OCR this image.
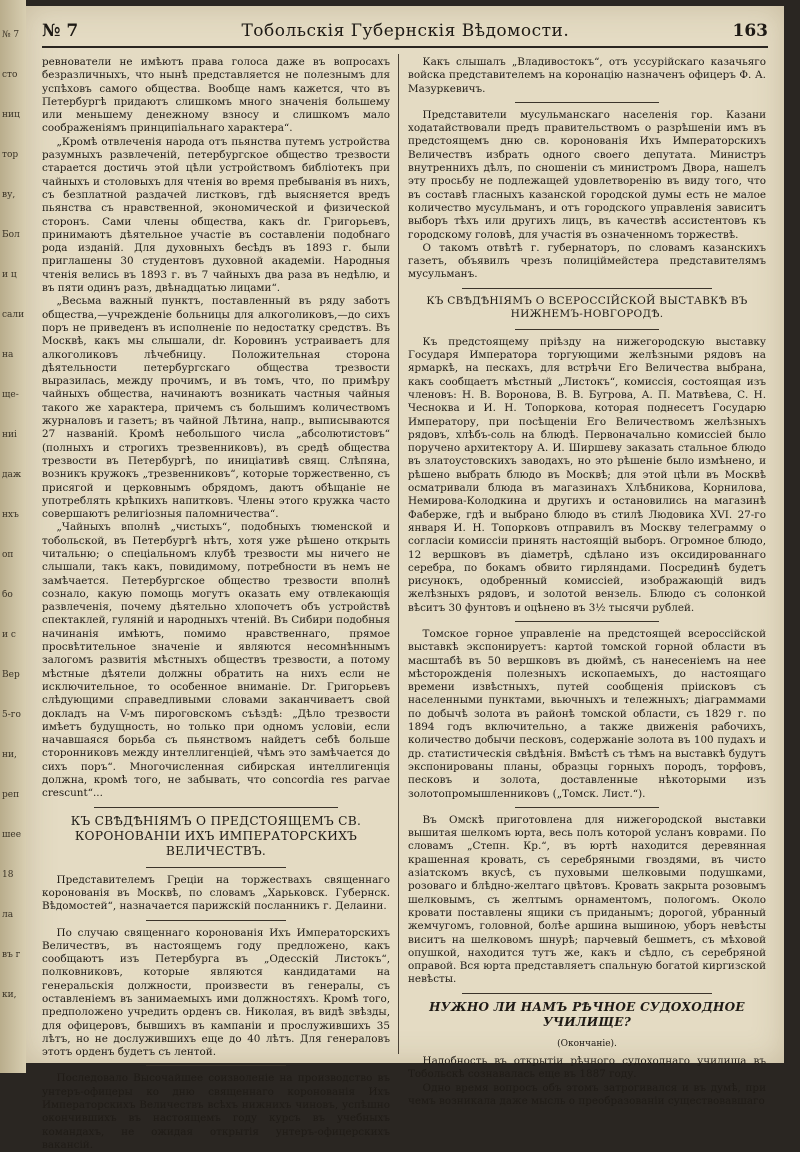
№ 7
сто
ниц
тор
ву,
Бол
и ц
сали
на
ще-
ниі
даж
нхъ
оп
бо
и с
Вер
5-го
ни,
реп
шее
18
ла
въ г
ки,
№ 7	Тобольскія Губернскія Вѣдомости.	163

ревнователи не имѣютъ права голоса даже въ вопросахъ безразличныхъ, что нынѣ представляется не полезнымъ для успѣховъ самого общества. Вообще намъ кажется, что въ Петербургѣ придаютъ слишкомъ много значенія большему или меньшему денежному взносу и слишкомъ мало соображеніямъ принципіальнаго характера“.

„Кромѣ отвлеченія народа отъ пьянства путемъ устройства разумныхъ развлеченій, петербургское общество трезвости старается достичь этой цѣли устройствомъ библіотекъ при чайныхъ и столовыхъ для чтенія во время пребыванія въ нихъ, съ безплатной раздачей листковъ, гдѣ выясняется вредъ пьянства съ нравственной, экономической и физической сторонъ. Сами члены общества, какъ dr. Григорьевъ, принимаютъ дѣятельное участіе въ составленіи подобнаго рода изданій. Для духовныхъ бесѣдъ въ 1893 г. были приглашены 30 студентовъ духовной академіи. Народныя чтенія велись въ 1893 г. въ 7 чайныхъ два раза въ недѣлю, и въ пяти одинъ разъ, двѣнадцатью лицами“.

„Весьма важный пунктъ, поставленный въ ряду заботъ общества,—учрежденіе больницы для алкоголиковъ,—до сихъ поръ не приведенъ въ исполненіе по недостатку средствъ. Въ Москвѣ, какъ мы слышали, dr. Коровинъ устраиваетъ для алкоголиковъ лѣчебницу. Положительная сторона дѣятельности петербургскаго общества трезвости выразилась, между прочимъ, и въ томъ, что, по примѣру чайныхъ общества, начинаютъ возникать частныя чайныя такого же характера, причемъ съ большимъ количествомъ журналовъ и газетъ; въ чайной Лѣтина, напр., выписываются 27 названій. Кромѣ небольшого числа „абсолютистовъ“ (полныхъ и строгихъ трезвенниковъ), въ средѣ общества трезвости въ Петербургѣ, по иниціативѣ свящ. Слѣпяна, возникъ кружокъ „трезвенниковъ“, которые торжественно, съ присягой и церковнымъ обрядомъ, даютъ обѣщаніе не употреблять крѣпкихъ напитковъ. Члены этого кружка часто совершаютъ религіозныя паломничества“.

„Чайныхъ вполнѣ „чистыхъ“, подобныхъ тюменской и тобольской, въ Петербургѣ нѣтъ, хотя уже рѣшено открыть читальню; о спеціальномъ клубѣ трезвости мы ничего не слышали, такъ какъ, повидимому, потребности въ немъ не замѣчается. Петербургское общество трезвости вполнѣ сознало, какую помощь могутъ оказать ему отвлекающія развлеченія, почему дѣятельно хлопочетъ объ устройствѣ спектаклей, гуляній и народныхъ чтеній. Въ Сибири подобныя начинанія имѣютъ, помимо нравственнаго, прямое просвѣтительное значеніе и являются несомнѣннымъ залогомъ развитія мѣстныхъ обществъ трезвости, а потому мѣстные дѣятели должны обратить на нихъ если не исключительное, то особенное вниманіе. Dr. Григорьевъ слѣдующими справедливыми словами заканчиваетъ свой докладъ на V-мъ пироговскомъ съѣздѣ: „Дѣло трезвости имѣетъ будущность, но только при одномъ условіи, если начавшаяся борьба съ пьянствомъ найдетъ себѣ больше сторонниковъ между интеллигенціей, чѣмъ это замѣчается до сихъ поръ“. Многочисленная сибирская интеллигенція должна, кромѣ того, не забывать, что concordia res parvae crescunt“...

КЪ СВѢДѢНІЯМЪ О ПРЕДСТОЯЩЕМЪ СВ. КОРОНОВАНІИ ИХЪ ИМПЕРАТОРСКИХЪ ВЕЛИЧЕСТВЪ.

Представителемъ Греціи на торжествахъ священнаго коронованія въ Москвѣ, по словамъ „Харьковск. Губернск. Вѣдомостей“, назначается парижскій посланникъ г. Делаини.

По случаю священнаго коронованія Ихъ Императорскихъ Величествъ, въ настоящемъ году предложено, какъ сообщаютъ изъ Петербурга въ „Одесскій Листокъ“, полковниковъ, которые являются кандидатами на генеральскія должности, произвести въ генералы, съ оставленіемъ въ занимаемыхъ ими должностяхъ. Кромѣ того, предположено учредить орденъ св. Николая, въ видѣ звѣзды, для офицеровъ, бывшихъ въ кампаніи и прослужившихъ 35 лѣтъ, но не дослужившихъ еще до 40 лѣтъ. Для генераловъ этотъ орденъ будетъ съ лентой.

Последовало Высочайшее соизволеніе на производство въ унтеръ-офицеры ко дню священнаго коронованія Ихъ Императорскихъ Величествъ всѣхъ нижнихъ чиновъ, успѣшно окончившихъ въ настоящемъ году курсъ въ учебныхъ командахъ, не ожидая открытія унтеръ-офицерскихъ вакансій.

Какъ слышалъ „Владивостокъ“, отъ уссурійскаго казачьяго войска представителемъ на коронацію назначенъ офицеръ Ф. А. Мазуркевичъ.

Представители мусульманскаго населенія гор. Казани ходатайствовали предъ правительствомъ о разрѣшеніи имъ въ предстоящемъ дню св. коронованія Ихъ Императорскихъ Величествъ избрать одного своего депутата. Министръ внутреннихъ дѣлъ, по сношеніи съ министромъ Двора, нашелъ эту просьбу не подлежащей удовлетворенію въ виду того, что въ составѣ гласныхъ казанской городской думы есть не малое количество мусульманъ, и отъ городского управленія зависитъ выборъ тѣхъ или другихъ лицъ, въ качествѣ ассистентовъ къ городскому головѣ, для участія въ означенномъ торжествѣ.

О такомъ отвѣтѣ г. губернаторъ, по словамъ казанскихъ газетъ, объявилъ чрезъ полиціймейстера представителямъ мусульманъ.

КЪ СВѢДѢНІЯМЪ О ВСЕРОССІЙСКОЙ ВЫСТАВКѢ ВЪ НИЖНЕМЪ-НОВГОРОДѢ.

Къ предстоящему пріѣзду на нижегородскую выставку Государя Императора торгующими желѣзными рядовъ на ярмаркѣ, на пескахъ, для встрѣчи Его Величества выбрана, какъ сообщаетъ мѣстный „Листокъ“, комиссія, состоящая изъ членовъ: Н. В. Воронова, В. В. Бугрова, А. П. Матвѣева, С. Н. Чесноква и И. Н. Топоркова, которая поднесетъ Государю Императору, при посѣщеніи Его Величествомъ желѣзныхъ рядовъ, хлѣбъ-соль на блюдѣ. Первоначально комиссіей было поручено архитектору А. И. Ширшеву заказать стальное блюдо въ златоустовскихъ заводахъ, но это рѣшеніе было измѣнено, и рѣшено выбрать блюдо въ Москвѣ; для этой цѣли въ Москвѣ осматривали блюда въ магазинахъ Хлѣбникова, Корнилова, Немирова-Колодкина и другихъ и остановились на магазинѣ Фаберже, гдѣ и выбрано блюдо въ стилѣ Людовика XVI. 27-го января И. Н. Топорковъ отправилъ въ Москву телеграмму о согласіи комиссіи принять настоящій выборъ. Огромное блюдо, 12 вершковъ въ діаметрѣ, сдѣлано изъ оксидированнаго серебра, по бокамъ обвито гирляндами. Посрединѣ будетъ рисунокъ, одобренный комиссіей, изображающій видъ желѣзныхъ рядовъ, и золотой вензель. Блюдо съ солонкой вѣситъ 30 фунтовъ и оцѣнено въ 3½ тысячи рублей.

Томское горное управленіе на предстоящей всероссійской выставкѣ экспонируетъ: картой томской горной области въ масштабѣ въ 50 вершковъ въ дюймѣ, съ нанесеніемъ на нее мѣсторожденія полезныхъ ископаемыхъ, до настоящаго времени извѣстныхъ, путей сообщенія пріисковъ съ населенными пунктами, вьючныхъ и тележныхъ; діаграммами по добычѣ золота въ районѣ томской области, съ 1829 г. по 1894 годъ включительно, а также движенія рабочихъ, количество добычи песковъ, содержаніе золота въ 100 пудахъ и др. статистическія свѣдѣнія. Вмѣстѣ съ тѣмъ на выставкѣ будутъ экспонированы планы, образцы горныхъ породъ, торфовъ, песковъ и золота, доставленные нѣкоторыми изъ золотопромышленниковъ („Томск. Лист.“).

Въ Омскѣ приготовлена для нижегородской выставки вышитая шелкомъ юрта, весь полъ которой усланъ коврами. По словамъ „Степн. Кр.“, въ юртѣ находится деревянная крашенная кровать, съ серебряными гвоздями, въ чисто азіатскомъ вкусѣ, съ пуховыми шелковыми подушками, розоваго и блѣдно-желтаго цвѣтовъ. Кровать закрыта розовымъ шелковымъ, съ желтымъ орнаментомъ, пологомъ. Около кровати поставлены ящики съ приданымъ; дорогой, убранный жемчугомъ, головной, болѣе аршина вышиною, уборъ невѣсты виситъ на шелковомъ шнурѣ; парчевый бешметъ, съ мѣховой опушкой, находится тутъ же, какъ и сѣдло, съ серебряной оправой. Вся юрта представляетъ спальную богатой киргизской невѣсты.

НУЖНО ЛИ НАМЪ РѢЧНОЕ СУДОХОДНОЕ УЧИЛИЩЕ?
(Окончаніе).

Надобность въ открытіи рѣчного судоходнаго училища въ Тобольскѣ сознавалась еще въ 1887 году.

Одно время вопросъ объ этомъ затрогивался и въ думѣ, при чемъ возникала даже мысль о преобразованіи существовавшаго
